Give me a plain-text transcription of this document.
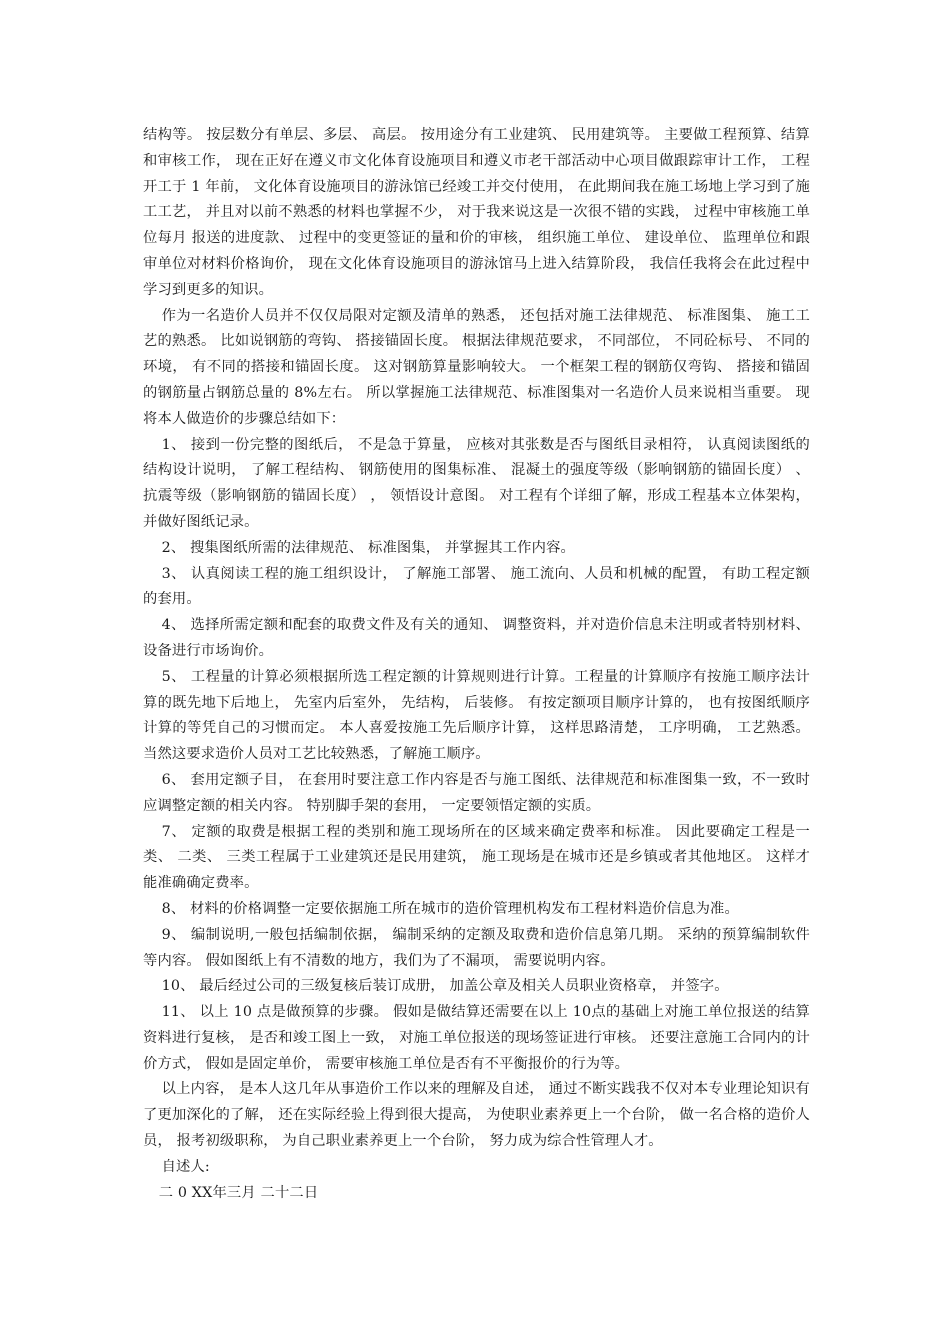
结构等。 按层数分有单层、多层、 高层。 按用途分有工业建筑、 民用建筑等。 主要做工程预算、结算和审核工作， 现在正好在遵义市文化体育设施项目和遵义市老干部活动中心项目做跟踪审计工作， 工程开工于 1 年前， 文化体育设施项目的游泳馆已经竣工并交付使用， 在此期间我在施工场地上学习到了施工工艺， 并且对以前不熟悉的材料也掌握不少， 对于我来说这是一次很不错的实践， 过程中审核施工单位每月 报送的进度款、 过程中的变更签证的量和价的审核， 组织施工单位、 建设单位、 监理单位和跟审单位对材料价格询价， 现在文化体育设施项目的游泳馆马上进入结算阶段， 我信任我将会在此过程中学习到更多的知识。

作为一名造价人员并不仅仅局限对定额及清单的熟悉， 还包括对施工法律规范、 标准图集、 施工工艺的熟悉。 比如说钢筋的弯钩、 搭接锚固长度。 根据法律规范要求， 不同部位， 不同砼标号、 不同的环境， 有不同的搭接和锚固长度。 这对钢筋算量影响较大。 一个框架工程的钢筋仅弯钩、 搭接和锚固的钢筋量占钢筋总量的 8%左右。 所以掌握施工法律规范、标准图集对一名造价人员来说相当重要。 现将本人做造价的步骤总结如下：

1、 接到一份完整的图纸后， 不是急于算量， 应核对其张数是否与图纸目录相符， 认真阅读图纸的结构设计说明， 了解工程结构、 钢筋使用的图集标准、 混凝土的强度等级（影响钢筋的锚固长度） 、 抗震等级（影响钢筋的锚固长度） ， 领悟设计意图。 对工程有个详细了解，形成工程基本立体架构， 并做好图纸记录。

2、 搜集图纸所需的法律规范、 标准图集， 并掌握其工作内容。

3、 认真阅读工程的施工组织设计， 了解施工部署、 施工流向、人员和机械的配置， 有助工程定额的套用。

4、 选择所需定额和配套的取费文件及有关的通知、 调整资料，并对造价信息未注明或者特别材料、 设备进行市场询价。

5、 工程量的计算必须根据所选工程定额的计算规则进行计算。工程量的计算顺序有按施工顺序法计算的既先地下后地上， 先室内后室外， 先结构， 后装修。 有按定额项目顺序计算的， 也有按图纸顺序计算的等凭自己的习惯而定。 本人喜爱按施工先后顺序计算， 这样思路清楚， 工序明确， 工艺熟悉。 当然这要求造价人员对工艺比较熟悉，了解施工顺序。

6、 套用定额子目， 在套用时要注意工作内容是否与施工图纸、法律规范和标准图集一致，不一致时应调整定额的相关内容。 特别脚手架的套用， 一定要领悟定额的实质。

7、 定额的取费是根据工程的类别和施工现场所在的区域来确定费率和标准。 因此要确定工程是一类、 二类、 三类工程属于工业建筑还是民用建筑， 施工现场是在城市还是乡镇或者其他地区。 这样才能准确确定费率。

8、 材料的价格调整一定要依据施工所在城市的造价管理机构发布工程材料造价信息为准。

9、 编制说明,一般包括编制依据， 编制采纳的定额及取费和造价信息第几期。 采纳的预算编制软件等内容。 假如图纸上有不清数的地方，我们为了不漏项， 需要说明内容。

10、 最后经过公司的三级复核后装订成册， 加盖公章及相关人员职业资格章， 并签字。

11、 以上 10 点是做预算的步骤。 假如是做结算还需要在以上 10点的基础上对施工单位报送的结算资料进行复核， 是否和竣工图上一致， 对施工单位报送的现场签证进行审核。 还要注意施工合同内的计价方式， 假如是固定单价， 需要审核施工单位是否有不平衡报价的行为等。

以上内容， 是本人这几年从事造价工作以来的理解及自述， 通过不断实践我不仅对本专业理论知识有了更加深化的了解， 还在实际经验上得到很大提高， 为使职业素养更上一个台阶， 做一名合格的造价人员， 报考初级职称， 为自己职业素养更上一个台阶， 努力成为综合性管理人才。

自述人:

二 0 XX年三月 二十二日
